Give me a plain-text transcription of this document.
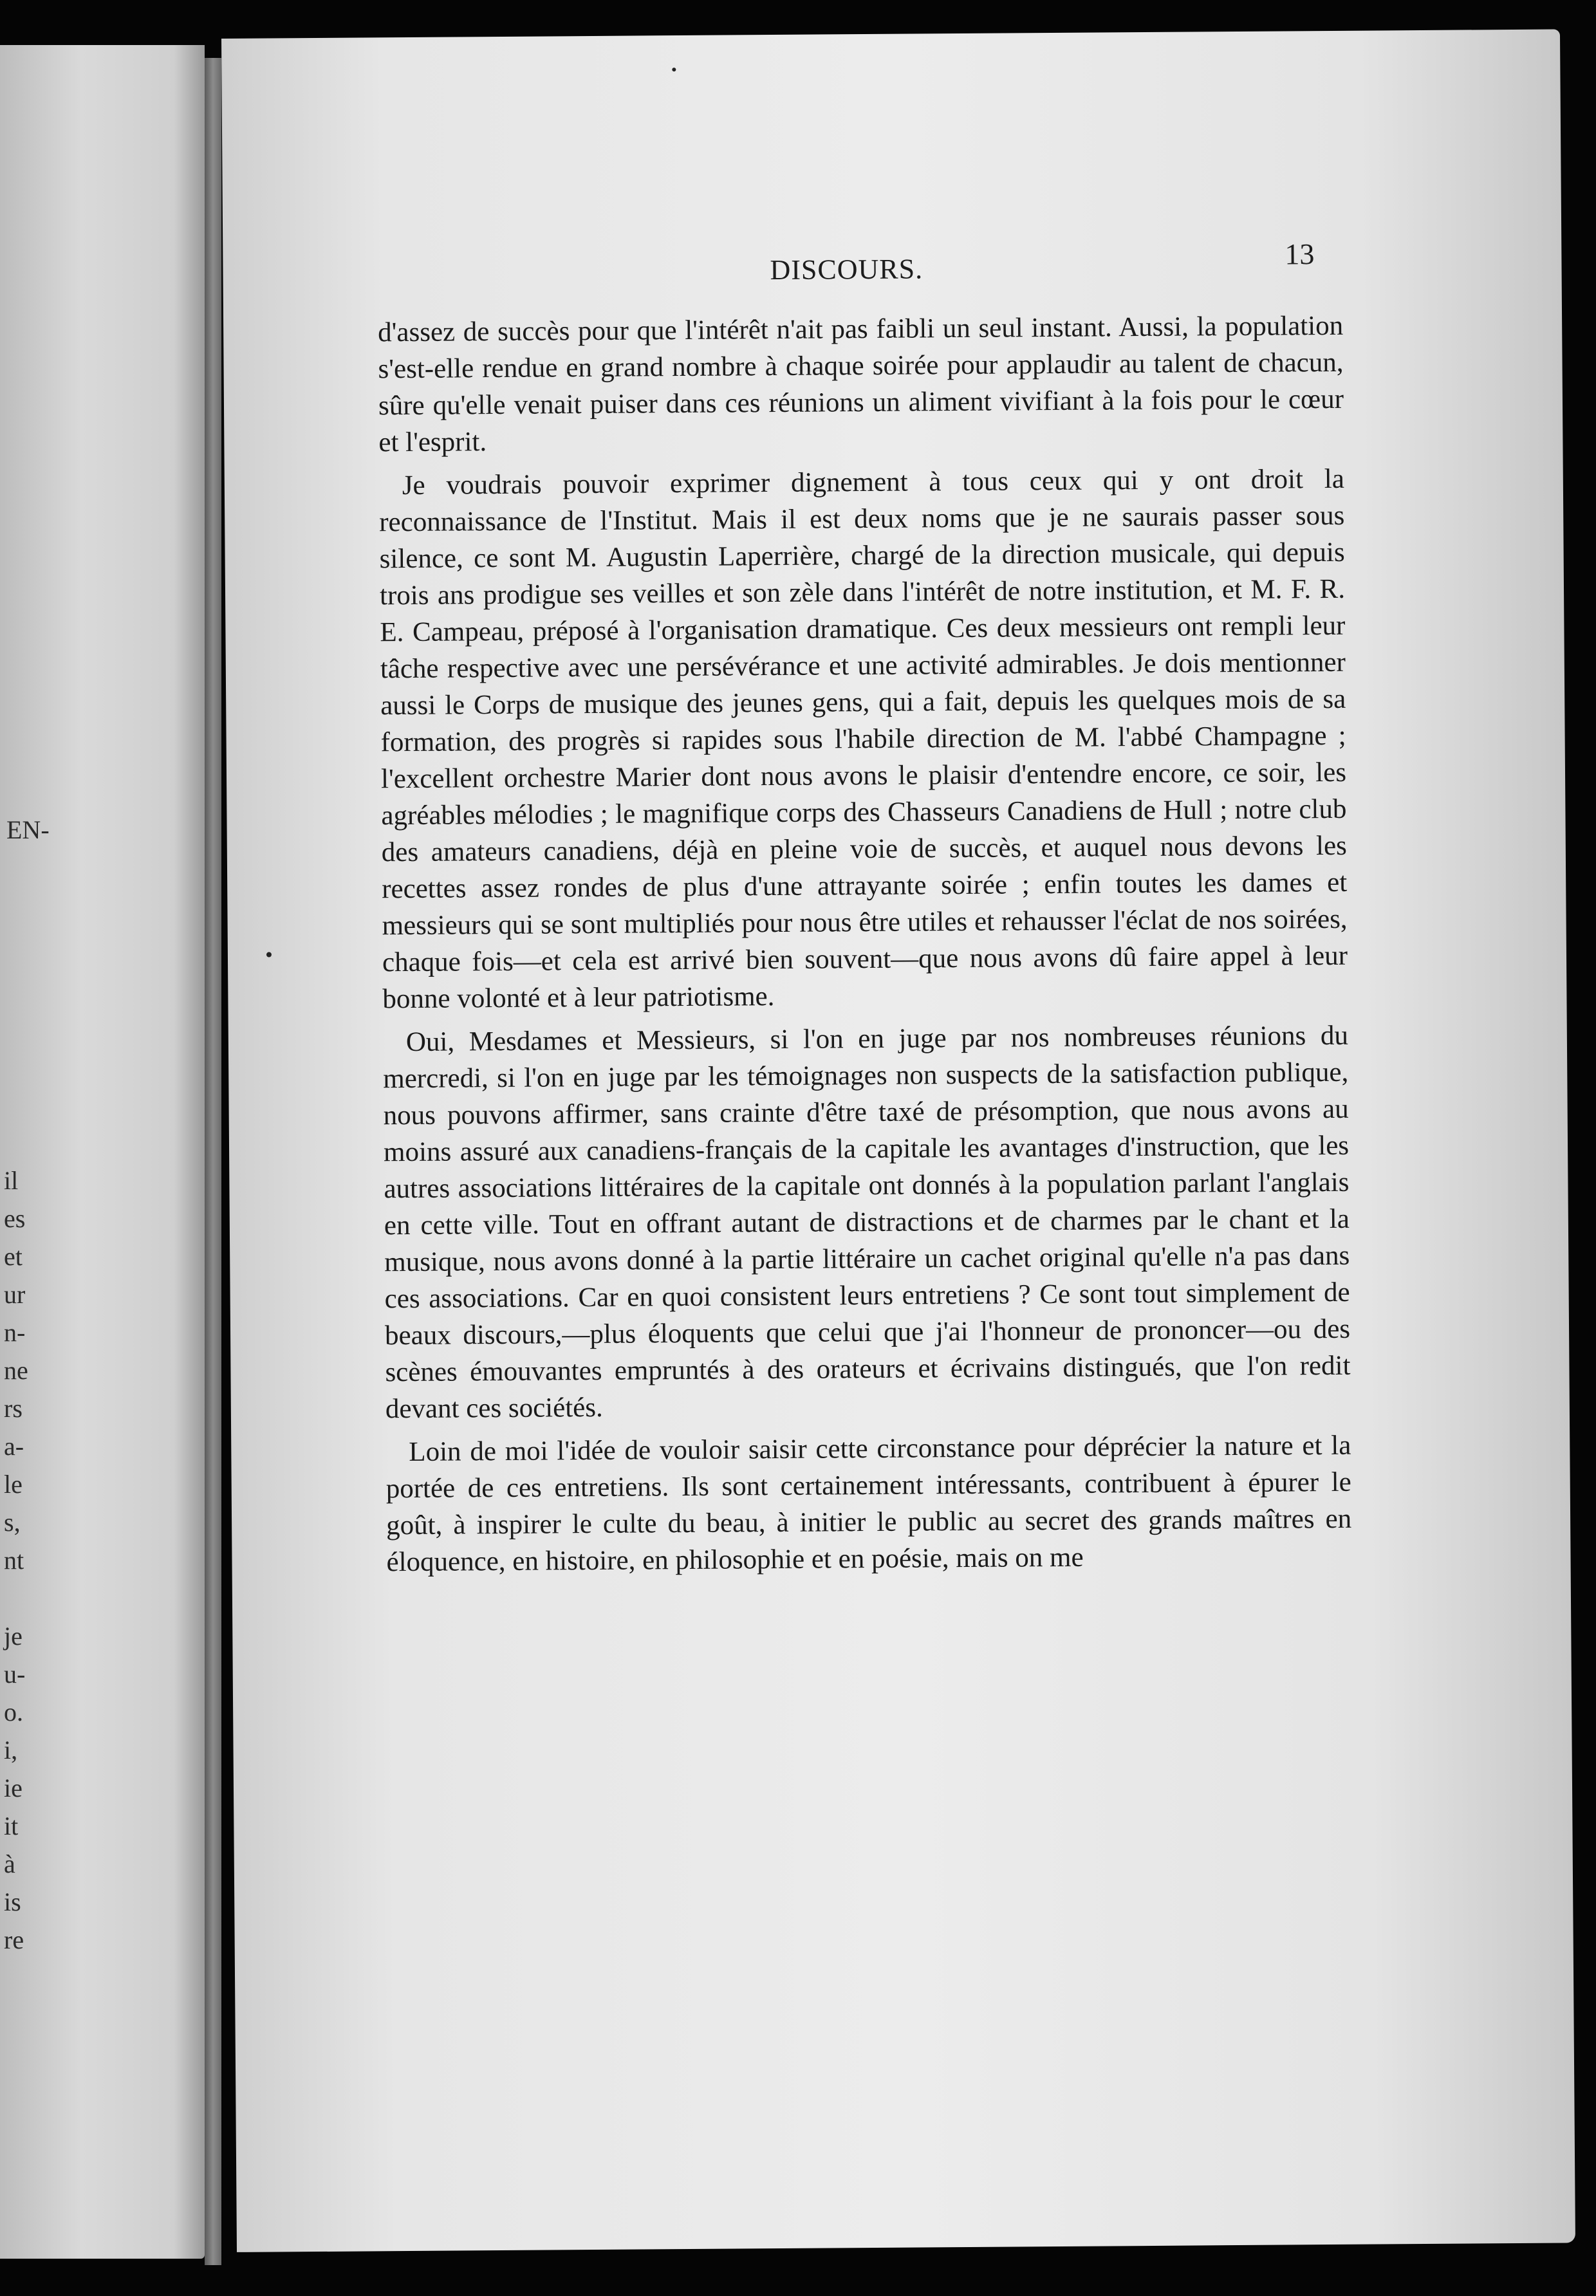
EN-
il
es
et
ur
n-
ne
rs
a-
le
s,
nt
je
u-
o.
i,
ie
it
à
is
re
DISCOURS.	13

d'assez de succès pour que l'intérêt n'ait pas faibli un seul instant. Aussi, la population s'est-elle rendue en grand nombre à chaque soirée pour applaudir au talent de chacun, sûre qu'elle venait puiser dans ces réunions un aliment vivifiant à la fois pour le cœur et l'esprit.

Je voudrais pouvoir exprimer dignement à tous ceux qui y ont droit la reconnaissance de l'Institut. Mais il est deux noms que je ne saurais passer sous silence, ce sont M. Augustin Laperrière, chargé de la direction musicale, qui depuis trois ans prodigue ses veilles et son zèle dans l'intérêt de notre institution, et M. F. R. E. Campeau, préposé à l'organisation dramatique. Ces deux messieurs ont rempli leur tâche respective avec une persévérance et une activité admirables. Je dois mentionner aussi le Corps de musique des jeunes gens, qui a fait, depuis les quelques mois de sa formation, des progrès si rapides sous l'habile direction de M. l'abbé Champagne ; l'excellent orchestre Marier dont nous avons le plaisir d'entendre encore, ce soir, les agréables mélodies ; le magnifique corps des Chasseurs Canadiens de Hull ; notre club des amateurs canadiens, déjà en pleine voie de succès, et auquel nous devons les recettes assez rondes de plus d'une attrayante soirée ; enfin toutes les dames et messieurs qui se sont multipliés pour nous être utiles et rehausser l'éclat de nos soirées, chaque fois—et cela est arrivé bien souvent—que nous avons dû faire appel à leur bonne volonté et à leur patriotisme.

Oui, Mesdames et Messieurs, si l'on en juge par nos nombreuses réunions du mercredi, si l'on en juge par les témoignages non suspects de la satisfaction publique, nous pouvons affirmer, sans crainte d'être taxé de présomption, que nous avons au moins assuré aux canadiens-français de la capitale les avantages d'instruction, que les autres associations littéraires de la capitale ont donnés à la population parlant l'anglais en cette ville. Tout en offrant autant de distractions et de charmes par le chant et la musique, nous avons donné à la partie littéraire un cachet original qu'elle n'a pas dans ces associations. Car en quoi consistent leurs entretiens ? Ce sont tout simplement de beaux discours,—plus éloquents que celui que j'ai l'honneur de prononcer—ou des scènes émouvantes empruntés à des orateurs et écrivains distingués, que l'on redit devant ces sociétés.

Loin de moi l'idée de vouloir saisir cette circonstance pour déprécier la nature et la portée de ces entretiens. Ils sont certainement intéressants, contribuent à épurer le goût, à inspirer le culte du beau, à initier le public au secret des grands maîtres en éloquence, en histoire, en philosophie et en poésie, mais on me
